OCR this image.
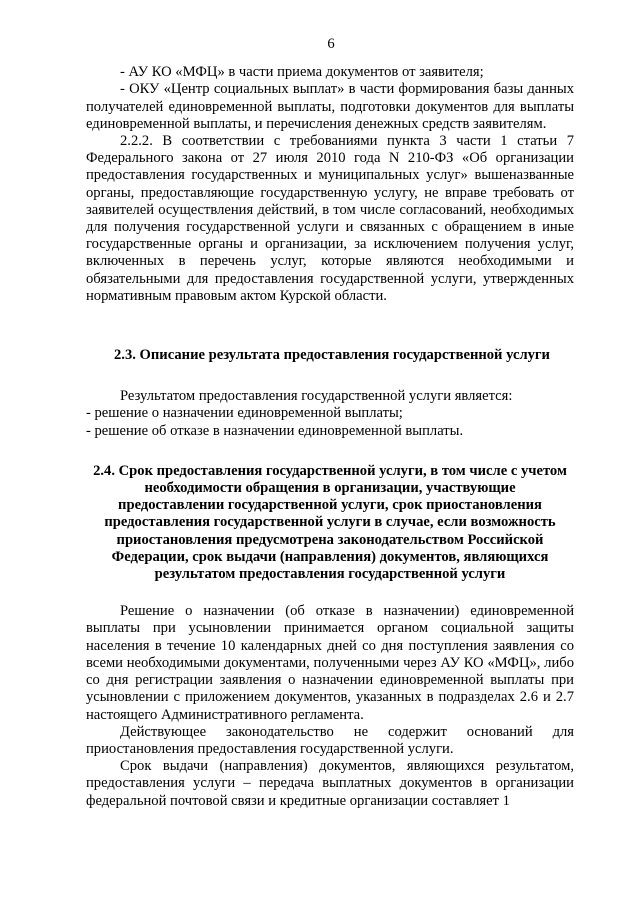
6

- АУ КО «МФЦ» в части приема документов от заявителя;

- ОКУ «Центр социальных выплат» в части формирования базы данных получателей единовременной выплаты, подготовки документов для выплаты единовременной выплаты, и перечисления денежных средств заявителям.

2.2.2. В соответствии с требованиями пункта 3 части 1 статьи 7 Федерального закона от 27 июля 2010 года N 210-ФЗ «Об организации предоставления государственных и муниципальных услуг» вышеназванные органы, предоставляющие государственную услугу, не вправе требовать от заявителей осуществления действий, в том числе согласований, необходимых для получения государственной услуги и связанных с обращением в иные государственные органы и организации, за исключением получения услуг, включенных в перечень услуг, которые являются необходимыми и обязательными для предоставления государственной услуги, утвержденных нормативным правовым актом Курской области.

2.3. Описание результата предоставления государственной услуги

Результатом предоставления государственной услуги является:

- решение о назначении единовременной выплаты;

- решение об отказе в назначении единовременной выплаты.

2.4. Срок предоставления государственной услуги, в том числе с учетом необходимости обращения в организации, участвующие предоставлении государственной услуги, срок приостановления предоставления государственной услуги в случае, если возможность приостановления предусмотрена законодательством Российской Федерации, срок выдачи (направления) документов, являющихся результатом предоставления государственной услуги

Решение о назначении (об отказе в назначении) единовременной выплаты при усыновлении принимается органом социальной защиты населения в течение 10 календарных дней со дня поступления заявления со всеми необходимыми документами, полученными через АУ КО «МФЦ», либо со дня регистрации заявления о назначении единовременной выплаты при усыновлении с приложением документов, указанных в подразделах 2.6 и 2.7 настоящего Административного регламента.

Действующее законодательство не содержит оснований для приостановления предоставления государственной услуги.

Срок выдачи (направления) документов, являющихся результатом, предоставления услуги – передача выплатных документов в организации федеральной почтовой связи и кредитные организации составляет 1
